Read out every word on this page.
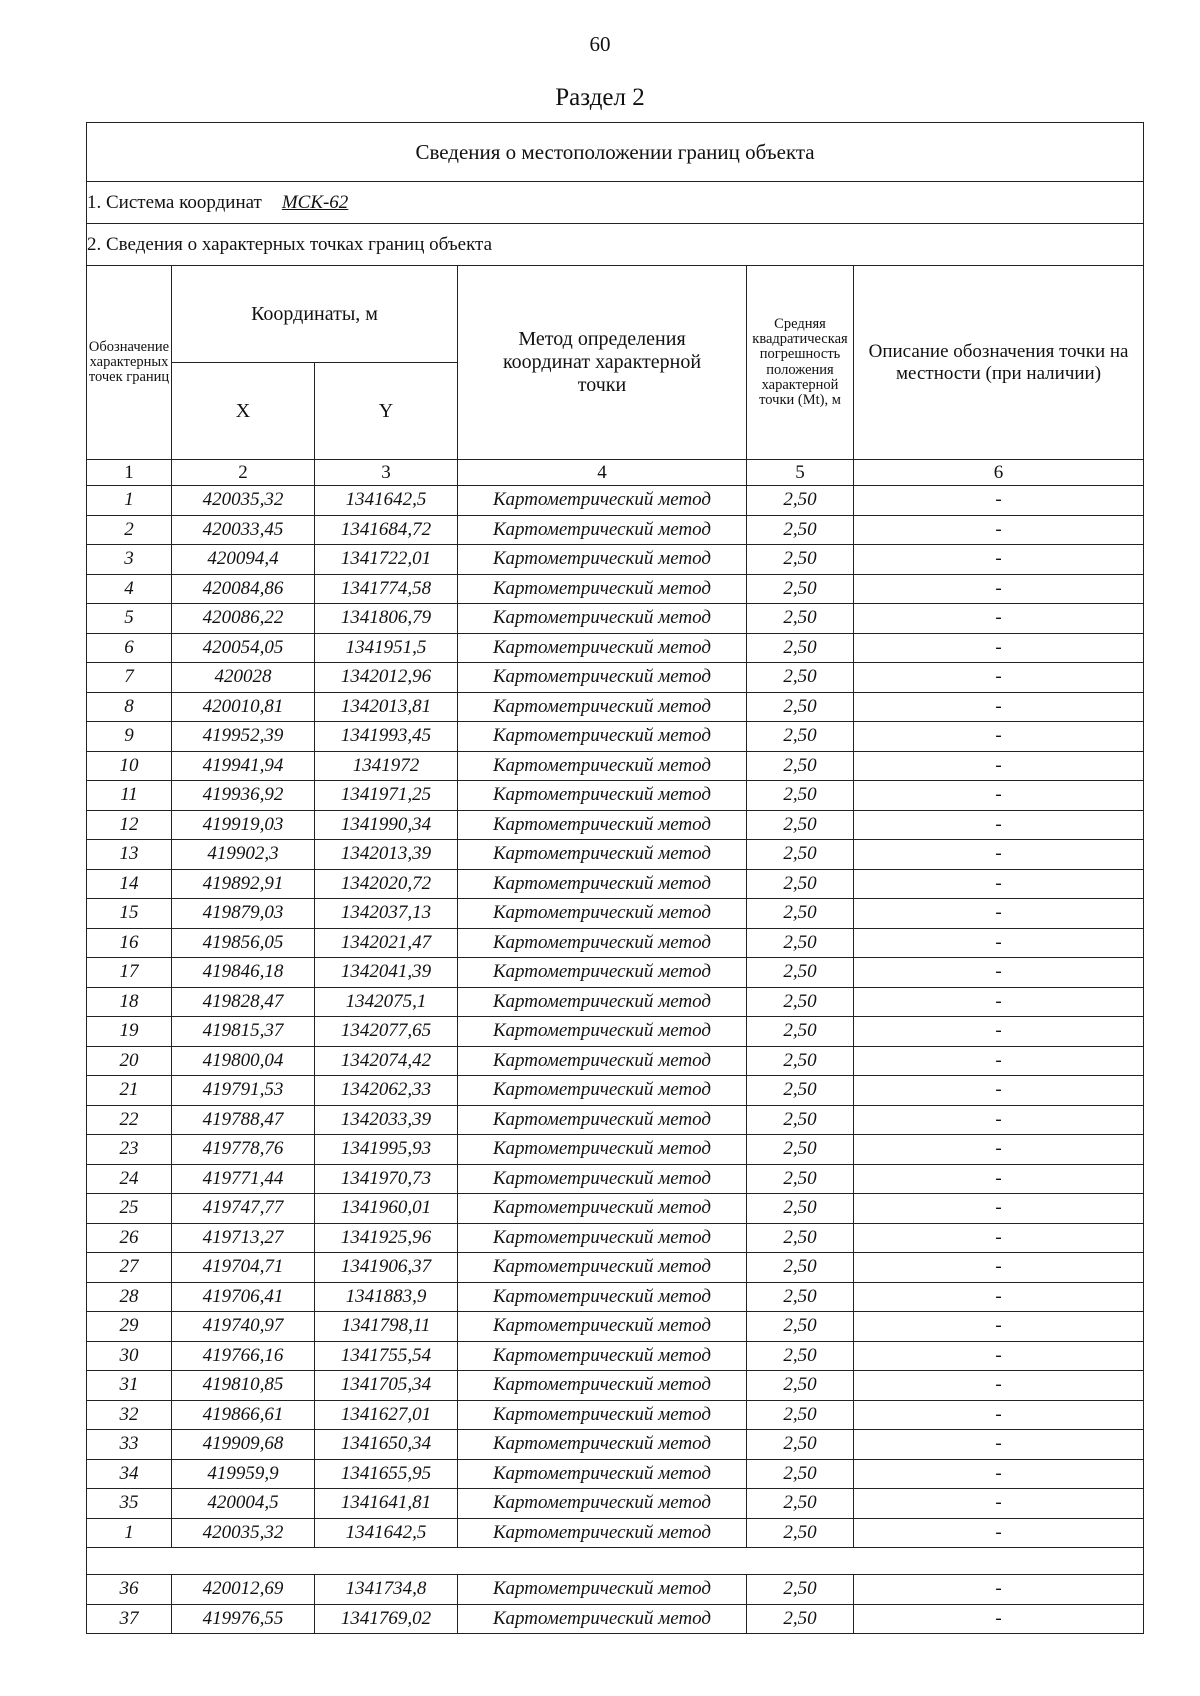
60
Раздел 2
Сведения о местоположении границ объекта					
1. Система координат МСК-62					
2. Сведения о характерных точках границ объекта					
Обозначение характерных точек границ	Координаты, м		Метод определения координат характерной точки	Средняя квадратическая погрешность положения характерной точки (Mt), м	Описание обозначения точки на местности (при наличии)
	X	Y			
1	2	3	4	5	6
1	420035,32	1341642,5	Картометрический метод	2,50	-
2	420033,45	1341684,72	Картометрический метод	2,50	-
3	420094,4	1341722,01	Картометрический метод	2,50	-
4	420084,86	1341774,58	Картометрический метод	2,50	-
5	420086,22	1341806,79	Картометрический метод	2,50	-
6	420054,05	1341951,5	Картометрический метод	2,50	-
7	420028	1342012,96	Картометрический метод	2,50	-
8	420010,81	1342013,81	Картометрический метод	2,50	-
9	419952,39	1341993,45	Картометрический метод	2,50	-
10	419941,94	1341972	Картометрический метод	2,50	-
11	419936,92	1341971,25	Картометрический метод	2,50	-
12	419919,03	1341990,34	Картометрический метод	2,50	-
13	419902,3	1342013,39	Картометрический метод	2,50	-
14	419892,91	1342020,72	Картометрический метод	2,50	-
15	419879,03	1342037,13	Картометрический метод	2,50	-
16	419856,05	1342021,47	Картометрический метод	2,50	-
17	419846,18	1342041,39	Картометрический метод	2,50	-
18	419828,47	1342075,1	Картометрический метод	2,50	-
19	419815,37	1342077,65	Картометрический метод	2,50	-
20	419800,04	1342074,42	Картометрический метод	2,50	-
21	419791,53	1342062,33	Картометрический метод	2,50	-
22	419788,47	1342033,39	Картометрический метод	2,50	-
23	419778,76	1341995,93	Картометрический метод	2,50	-
24	419771,44	1341970,73	Картометрический метод	2,50	-
25	419747,77	1341960,01	Картометрический метод	2,50	-
26	419713,27	1341925,96	Картометрический метод	2,50	-
27	419704,71	1341906,37	Картометрический метод	2,50	-
28	419706,41	1341883,9	Картометрический метод	2,50	-
29	419740,97	1341798,11	Картометрический метод	2,50	-
30	419766,16	1341755,54	Картометрический метод	2,50	-
31	419810,85	1341705,34	Картометрический метод	2,50	-
32	419866,61	1341627,01	Картометрический метод	2,50	-
33	419909,68	1341650,34	Картометрический метод	2,50	-
34	419959,9	1341655,95	Картометрический метод	2,50	-
35	420004,5	1341641,81	Картометрический метод	2,50	-
1	420035,32	1341642,5	Картометрический метод	2,50	-

36	420012,69	1341734,8	Картометрический метод	2,50	-
37	419976,55	1341769,02	Картометрический метод	2,50	-
